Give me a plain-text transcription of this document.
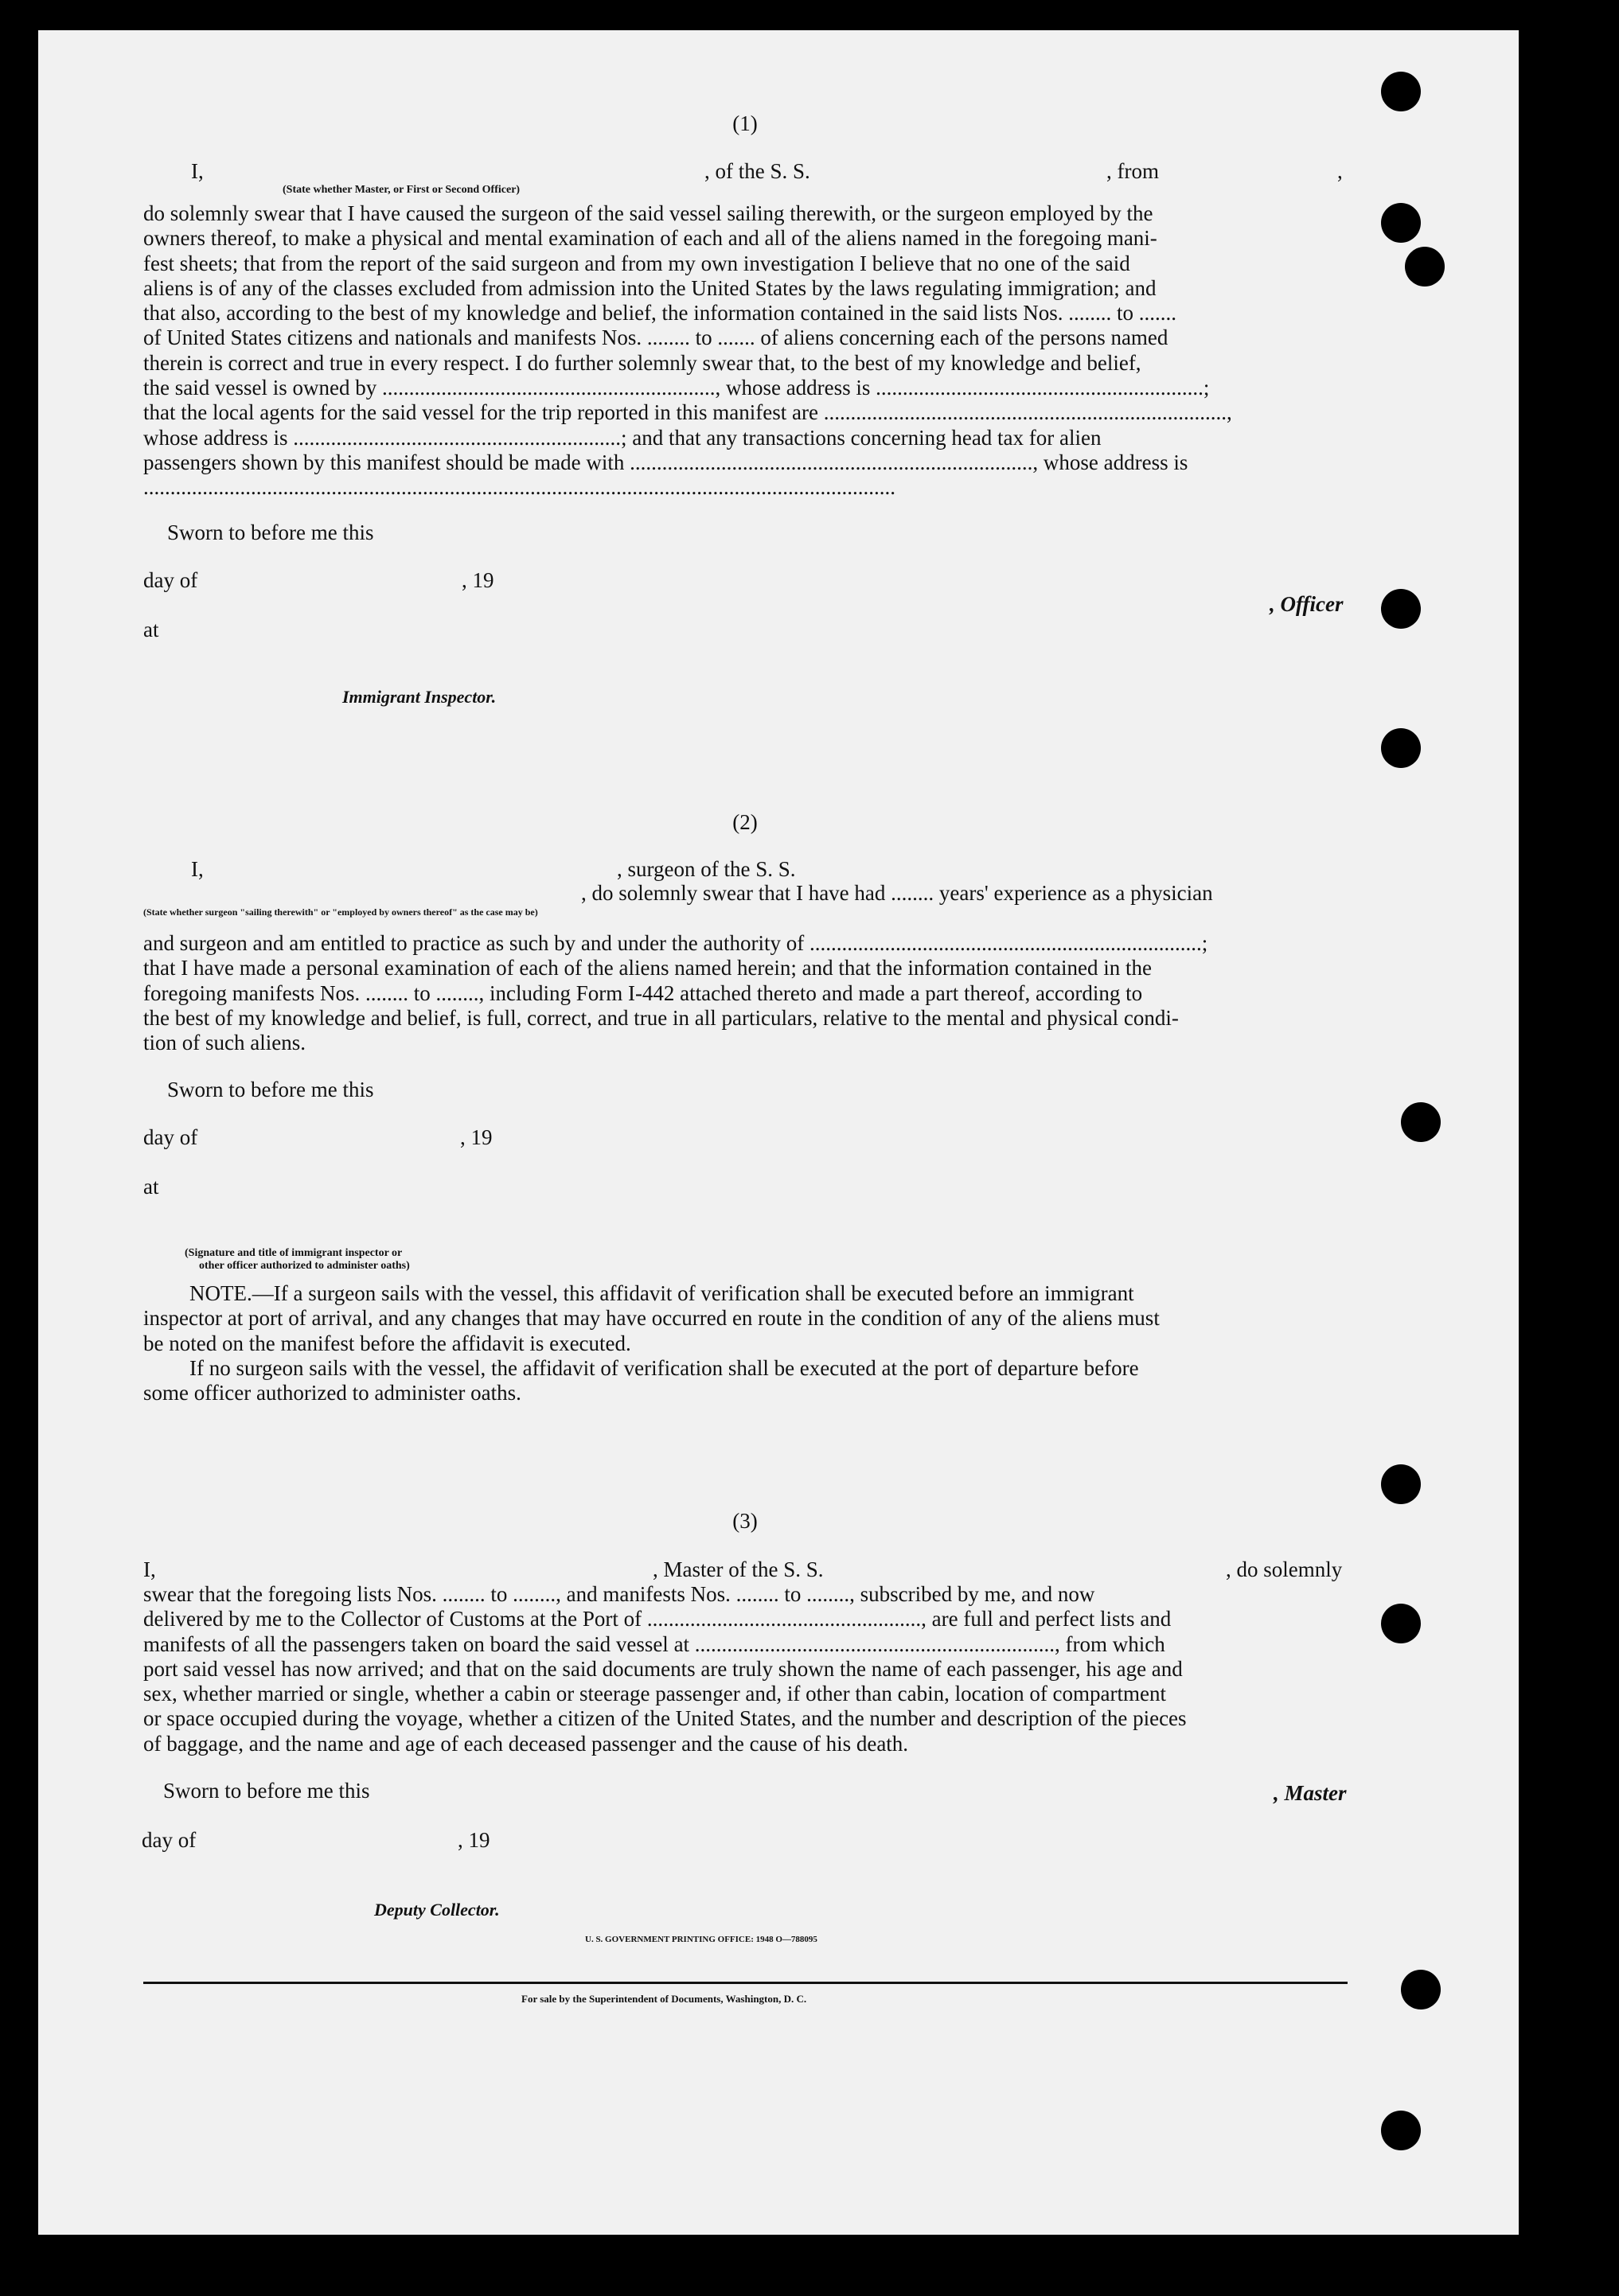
(1)
I,	, of the S. S.	, from	,
(State whether Master, or First or Second Officer)
do solemnly swear that I have caused the surgeon of the said vessel sailing therewith, or the surgeon employed by the
owners thereof, to make a physical and mental examination of each and all of the aliens named in the foregoing mani-
fest sheets; that from the report of the said surgeon and from my own investigation I believe that no one of the said
aliens is of any of the classes excluded from admission into the United States by the laws regulating immigration; and
that also, according to the best of my knowledge and belief, the information contained in the said lists Nos. ........ to .......
of United States citizens and nationals and manifests Nos. ........ to ....... of aliens concerning each of the persons named
therein is correct and true in every respect. I do further solemnly swear that, to the best of my knowledge and belief,
the said vessel is owned by .............................................................., whose address is .............................................................;
that the local agents for the said vessel for the trip reported in this manifest are ...........................................................................,
whose address is .............................................................; and that any transactions concerning head tax for alien
passengers shown by this manifest should be made with ..........................................................................., whose address is
............................................................................................................................................
Sworn to before me this
day of	, 19
, Officer
at
Immigrant Inspector.
(2)
I,	, surgeon of the S. S.
, do solemnly swear that I have had ........ years' experience as a physician
(State whether surgeon "sailing therewith" or "employed by owners thereof" as the case may be)
and surgeon and am entitled to practice as such by and under the authority of .........................................................................;
that I have made a personal examination of each of the aliens named herein; and that the information contained in the
foregoing manifests Nos. ........ to ........, including Form I-442 attached thereto and made a part thereof, according to
the best of my knowledge and belief, is full, correct, and true in all particulars, relative to the mental and physical condi-
tion of such aliens.
Sworn to before me this
day of	, 19
at
(Signature and title of immigrant inspector or
other officer authorized to administer oaths)
NOTE.—If a surgeon sails with the vessel, this affidavit of verification shall be executed before an immigrant
inspector at port of arrival, and any changes that may have occurred en route in the condition of any of the aliens must
be noted on the manifest before the affidavit is executed.
If no surgeon sails with the vessel, the affidavit of verification shall be executed at the port of departure before
some officer authorized to administer oaths.
(3)
I,	, Master of the S. S.	, do solemnly
swear that the foregoing lists Nos. ........ to ........, and manifests Nos. ........ to ........, subscribed by me, and now
delivered by me to the Collector of Customs at the Port of ..................................................., are full and perfect lists and
manifests of all the passengers taken on board the said vessel at ..................................................................., from which
port said vessel has now arrived; and that on the said documents are truly shown the name of each passenger, his age and
sex, whether married or single, whether a cabin or steerage passenger and, if other than cabin, location of compartment
or space occupied during the voyage, whether a citizen of the United States, and the number and description of the pieces
of baggage, and the name and age of each deceased passenger and the cause of his death.
Sworn to before me this	, Master
day of	, 19
Deputy Collector.
U. S. GOVERNMENT PRINTING OFFICE: 1948 O—788095
For sale by the Superintendent of Documents, Washington, D. C.
